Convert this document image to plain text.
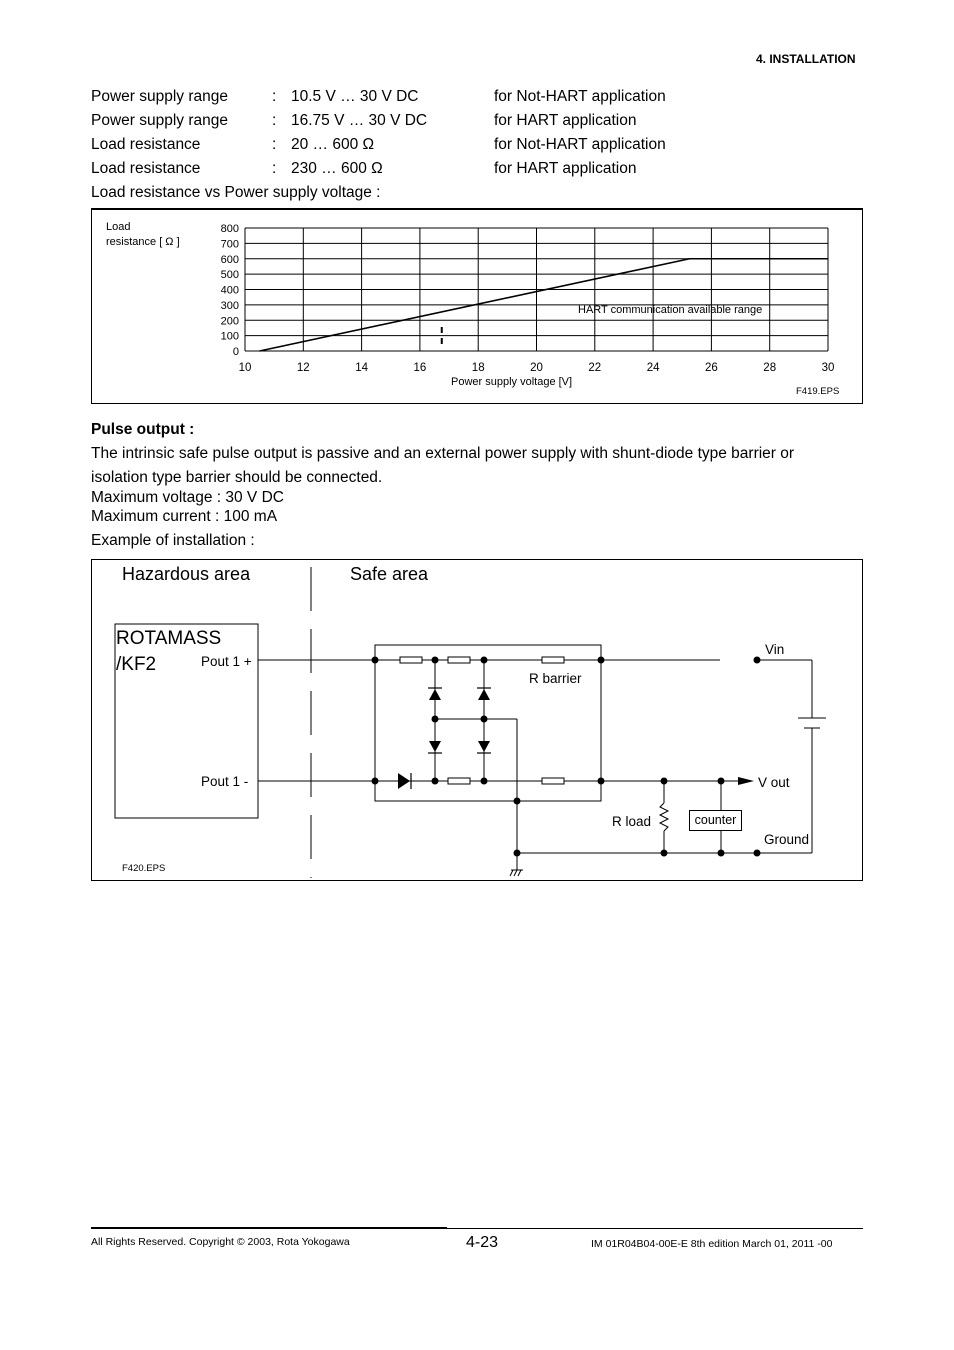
4. INSTALLATION
Power supply range	: 10.5 V … 30 V DC	for Not-HART application
Power supply range	: 16.75 V … 30 V DC	for HART application
Load resistance	: 20 … 600 Ω	for Not-HART application
Load resistance	: 230 … 600 Ω	for HART application
Load resistance vs Power supply voltage :
Load
resistance [ Ω ]
10	12	14	16	18	20	22	24	26	28	30
800
700
600
500
400
300
200
100
0
Power supply voltage [V]
HART communication available range
F419.EPS
Pulse output :
The intrinsic safe pulse output is passive and an external power supply with shunt-diode type barrier or
isolation type barrier should be connected.
Maximum voltage : 30 V DC
Maximum current : 100 mA
Example of installation :
Hazardous area	Safe area
ROTAMASS
/KF2	Pout 1 +
Pout 1 -
R barrier
Vin
V out
R load	counter
Ground
F420.EPS
All Rights Reserved. Copyright © 2003, Rota Yokogawa	4-23	IM 01R04B04-00E-E 8th edition March 01, 2011 -00
